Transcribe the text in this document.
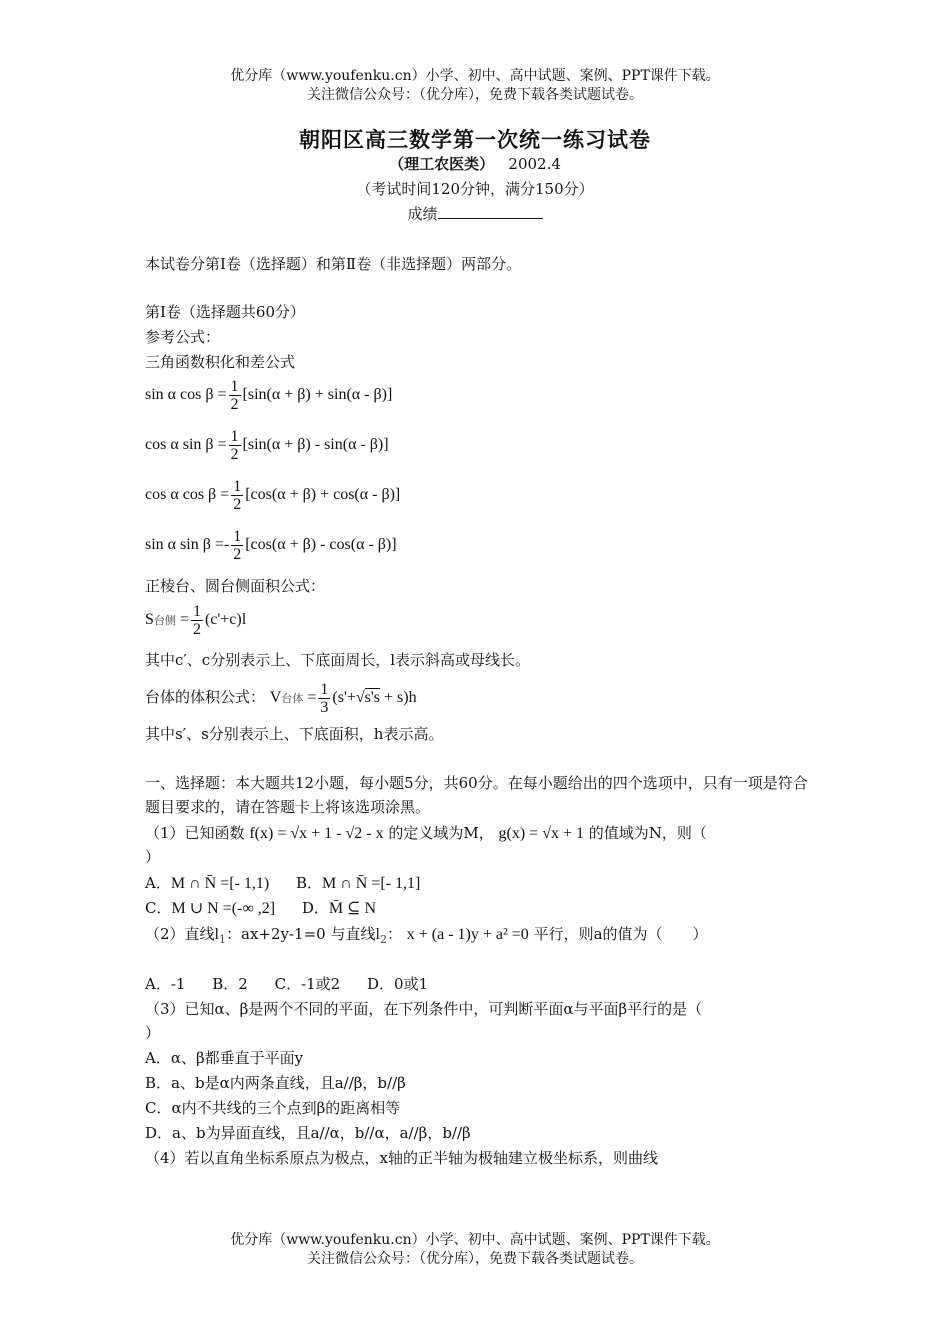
优分库（www.youfenku.cn）小学、初中、高中试题、案例、PPT课件下载。
关注微信公众号：（优分库），免费下载各类试题试卷。
朝阳区高三数学第一次统一练习试卷
（理工农医类） 2002.4
（考试时间120分钟，满分150分）
成绩
本试卷分第Ⅰ卷（选择题）和第Ⅱ卷（非选择题）两部分。
第Ⅰ卷（选择题共60分）
参考公式：
三角函数积化和差公式
sin α $\cos \beta = \frac{1}{2} [\sin(\alpha + \beta) + \sin(\alpha - \beta)]$
cos α $\sin \beta = \frac{1}{2} [\sin(\alpha + \beta) - \sin(\alpha - \beta)]$
cos α $\cos \beta = \frac{1}{2} [\cos(\alpha + \beta) + \cos(\alpha - \beta)]$
sin α $\sin \beta =- \frac{1}{2} [\cos(\alpha + \beta) - \cos(\alpha - \beta)]$
正棱台、圆台侧面积公式：
S台侧 = $\frac{1}{2} (c'+c)l$
其中c′、c分别表示上、下底面周长，l表示斜高或母线长。
台体的体积公式： V台体 = $\frac{1}{3} (s'+√s's + s)h$
其中s′、s分别表示上、下底面积，h表示高。
一、选择题：本大题共12小题，每小题5分，共60分。在每小题给出的四个选项中，只有一项是符合题目要求的，请在答题卡上将该选项涂黑。
（1）已知函数 f(x) = √x + 1 - √2 - x 的定义域为M， g(x) = √x + 1 的值域为N，则（
）
A．M ∩ N̄ =[- 1,1) B．M ∩ N̄ =[- 1,1]
C．M ∪ N =(-∞ ,2] D．M̄ ⊆ N
（2）直线$l_1$：ax+2y-1=0 与直线$l_2$： x + (a - 1)y + a² =0 平行，则a的值为（　　）
A．-1 B．2 C．-1或2 D．0或1
（3）已知α、β是两个不同的平面，在下列条件中，可判断平面α与平面β平行的是（
）
A．α、β都垂直于平面y
B．a、b是α内两条直线，且a//β，b//β
C．α内不共线的三个点到β的距离相等
D．a、b为异面直线，且a//α，b//α，a//β，b//β
（4）若以直角坐标系原点为极点，x轴的正半轴为极轴建立极坐标系，则曲线
优分库（www.youfenku.cn）小学、初中、高中试题、案例、PPT课件下载。
关注微信公众号：（优分库），免费下载各类试题试卷。
